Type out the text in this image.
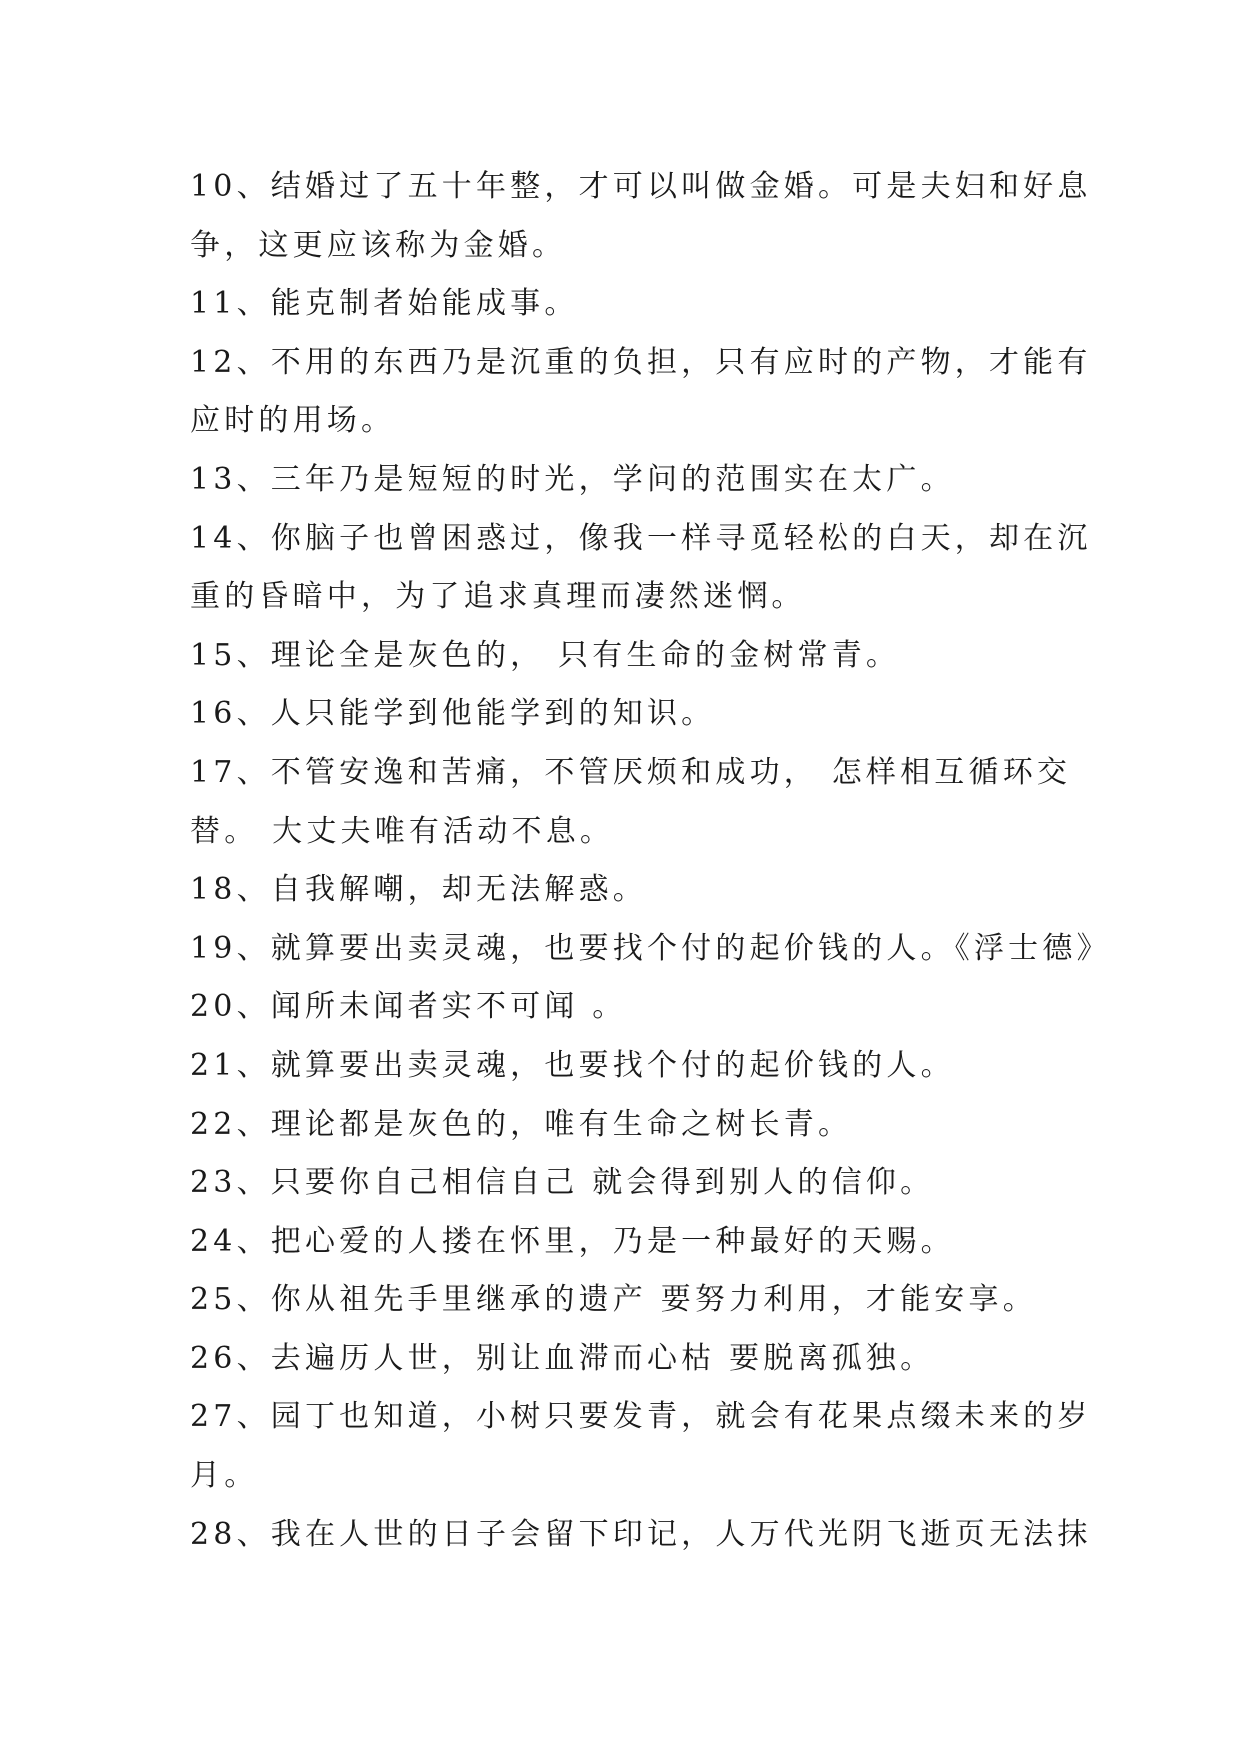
10、结婚过了五十年整，才可以叫做金婚。可是夫妇和好息
争，这更应该称为金婚。
11、能克制者始能成事。
12、不用的东西乃是沉重的负担，只有应时的产物，才能有
应时的用场。
13、三年乃是短短的时光，学问的范围实在太广。
14、你脑子也曾困惑过，像我一样寻觅轻松的白天，却在沉
重的昏暗中，为了追求真理而凄然迷惘。
15、理论全是灰色的， 只有生命的金树常青。
16、人只能学到他能学到的知识。
17、不管安逸和苦痛，不管厌烦和成功， 怎样相互循环交
替。 大丈夫唯有活动不息。
18、自我解嘲，却无法解惑。
19、就算要出卖灵魂，也要找个付的起价钱的人。《浮士德》
20、闻所未闻者实不可闻 。
21、就算要出卖灵魂，也要找个付的起价钱的人。
22、理论都是灰色的，唯有生命之树长青。
23、只要你自己相信自己 就会得到别人的信仰。
24、把心爱的人搂在怀里，乃是一种最好的天赐。
25、你从祖先手里继承的遗产 要努力利用，才能安享。
26、去遍历人世，别让血滞而心枯 要脱离孤独。
27、园丁也知道，小树只要发青，就会有花果点缀未来的岁
月。
28、我在人世的日子会留下印记，人万代光阴飞逝页无法抹
